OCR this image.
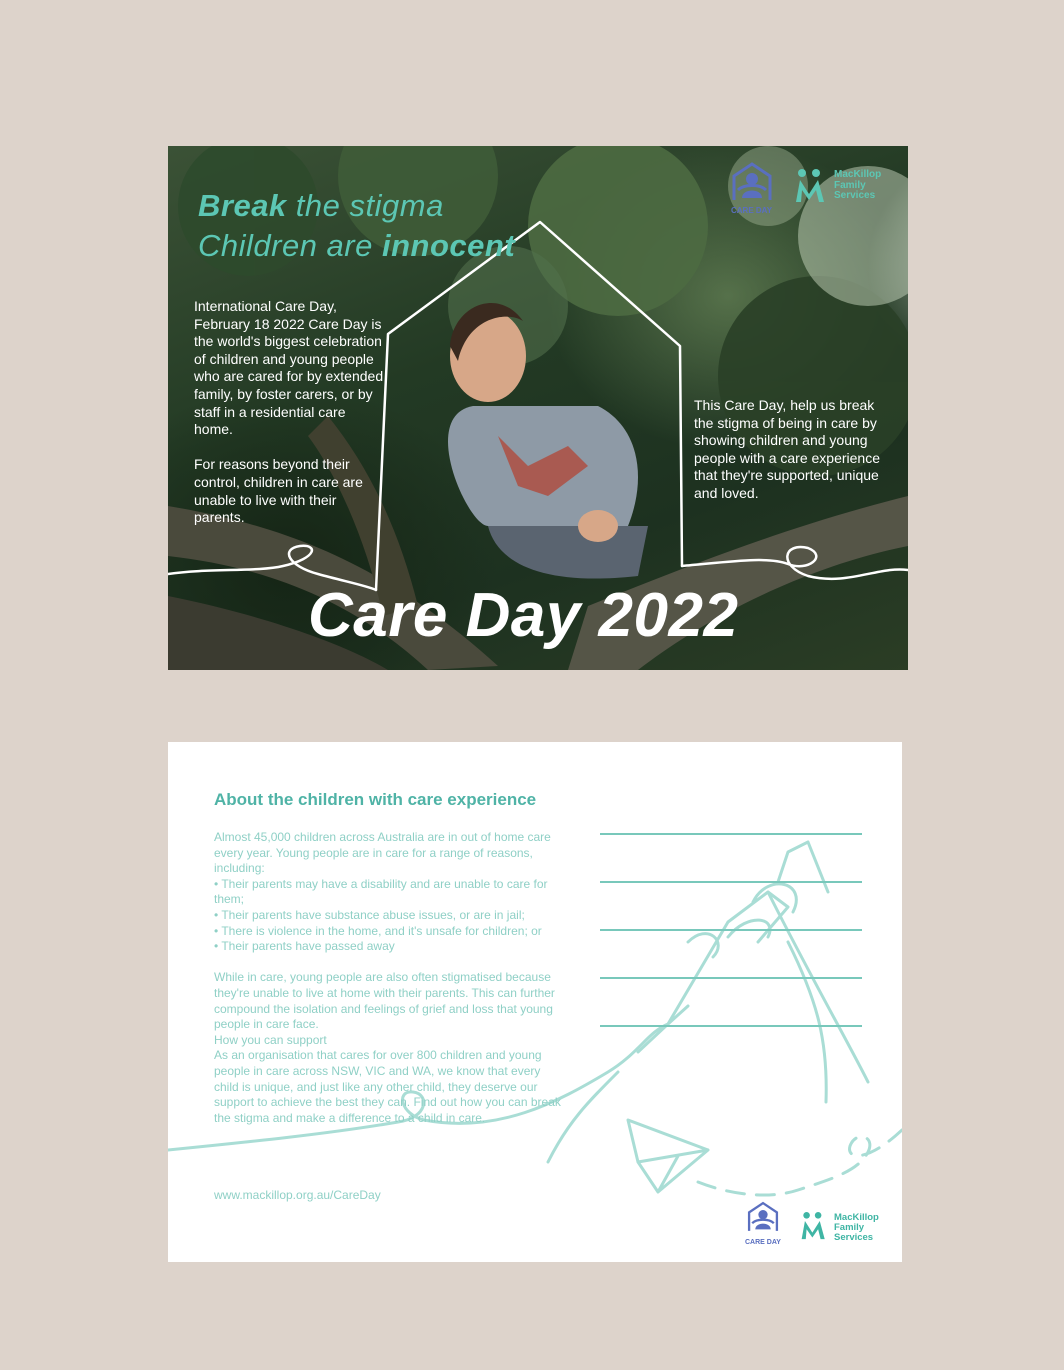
Break the stigma
Children are innocent

International Care Day, February 18 2022 Care Day is the world's biggest celebration of children and young people who are cared for by extended family, by foster carers, or by staff in a residential care home.

For reasons beyond their control, children in care are unable to live with their parents.

This Care Day, help us break the stigma of being in care by showing children and young people with a care experience that they're supported, unique and loved.

Care Day 2022
CARE DAY
MacKillop
Family
Services
About the children with care experience

Almost 45,000 children across Australia are in out of home care every year. Young people are in care for a range of reasons, including:

• Their parents may have a disability and are unable to care for them;

• Their parents have substance abuse issues, or are in jail;

• There is violence in the home, and it's unsafe for children; or

• Their parents have passed away

While in care, young people are also often stigmatised because they're unable to live at home with their parents. This can further compound the isolation and feelings of grief and loss that young people in care face.

How you can support

As an organisation that cares for over 800 children and young people in care across NSW, VIC and WA, we know that every child is unique, and just like any other child, they deserve our support to achieve the best they can. Find out how you can break the stigma and make a difference to a child in care.

www.mackillop.org.au/CareDay
CARE DAY
MacKillop
Family
Services
